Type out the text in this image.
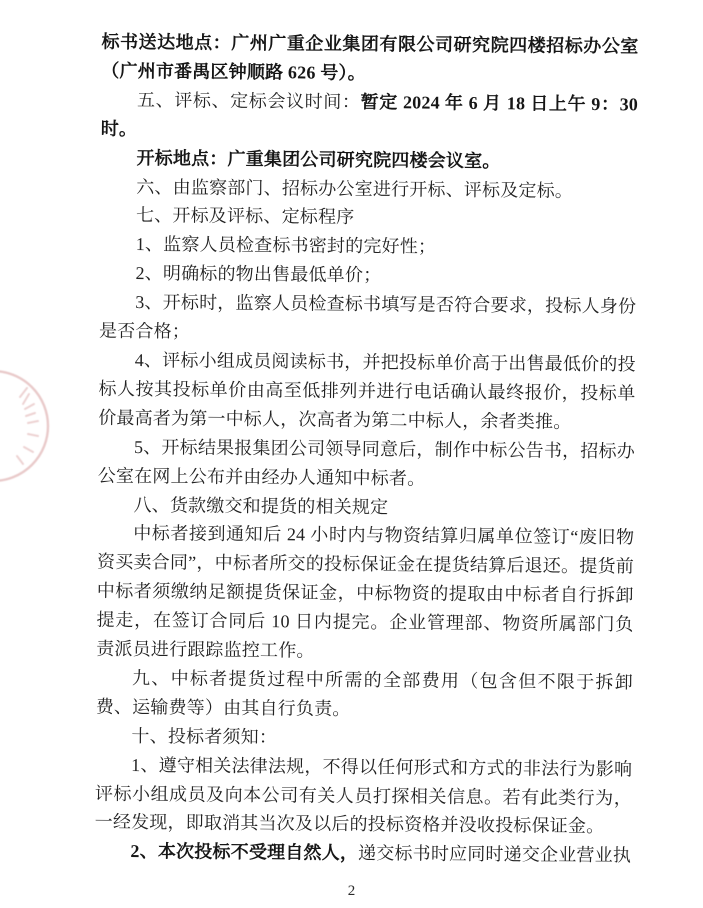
标书送达地点：广州广重企业集团有限公司研究院四楼招标办公室（广州市番禺区钟顺路 626 号）。

五、评标、定标会议时间：暂定 2024 年 6 月 18 日上午 9：30 时。

开标地点：广重集团公司研究院四楼会议室。

六、由监察部门、招标办公室进行开标、评标及定标。

七、开标及评标、定标程序

1、监察人员检查标书密封的完好性；

2、明确标的物出售最低单价；

3、开标时，监察人员检查标书填写是否符合要求，投标人身份是否合格；

4、评标小组成员阅读标书，并把投标单价高于出售最低价的投标人按其投标单价由高至低排列并进行电话确认最终报价，投标单价最高者为第一中标人，次高者为第二中标人，余者类推。

5、开标结果报集团公司领导同意后，制作中标公告书，招标办公室在网上公布并由经办人通知中标者。

八、货款缴交和提货的相关规定

中标者接到通知后 24 小时内与物资结算归属单位签订“废旧物资买卖合同”，中标者所交的投标保证金在提货结算后退还。提货前中标者须缴纳足额提货保证金，中标物资的提取由中标者自行拆卸提走，在签订合同后 10 日内提完。企业管理部、物资所属部门负责派员进行跟踪监控工作。

九、中标者提货过程中所需的全部费用（包含但不限于拆卸费、运输费等）由其自行负责。

十、投标者须知：

1、遵守相关法律法规，不得以任何形式和方式的非法行为影响评标小组成员及向本公司有关人员打探相关信息。若有此类行为，一经发现，即取消其当次及以后的投标资格并没收投标保证金。

2、本次投标不受理自然人，递交标书时应同时递交企业营业执

2
